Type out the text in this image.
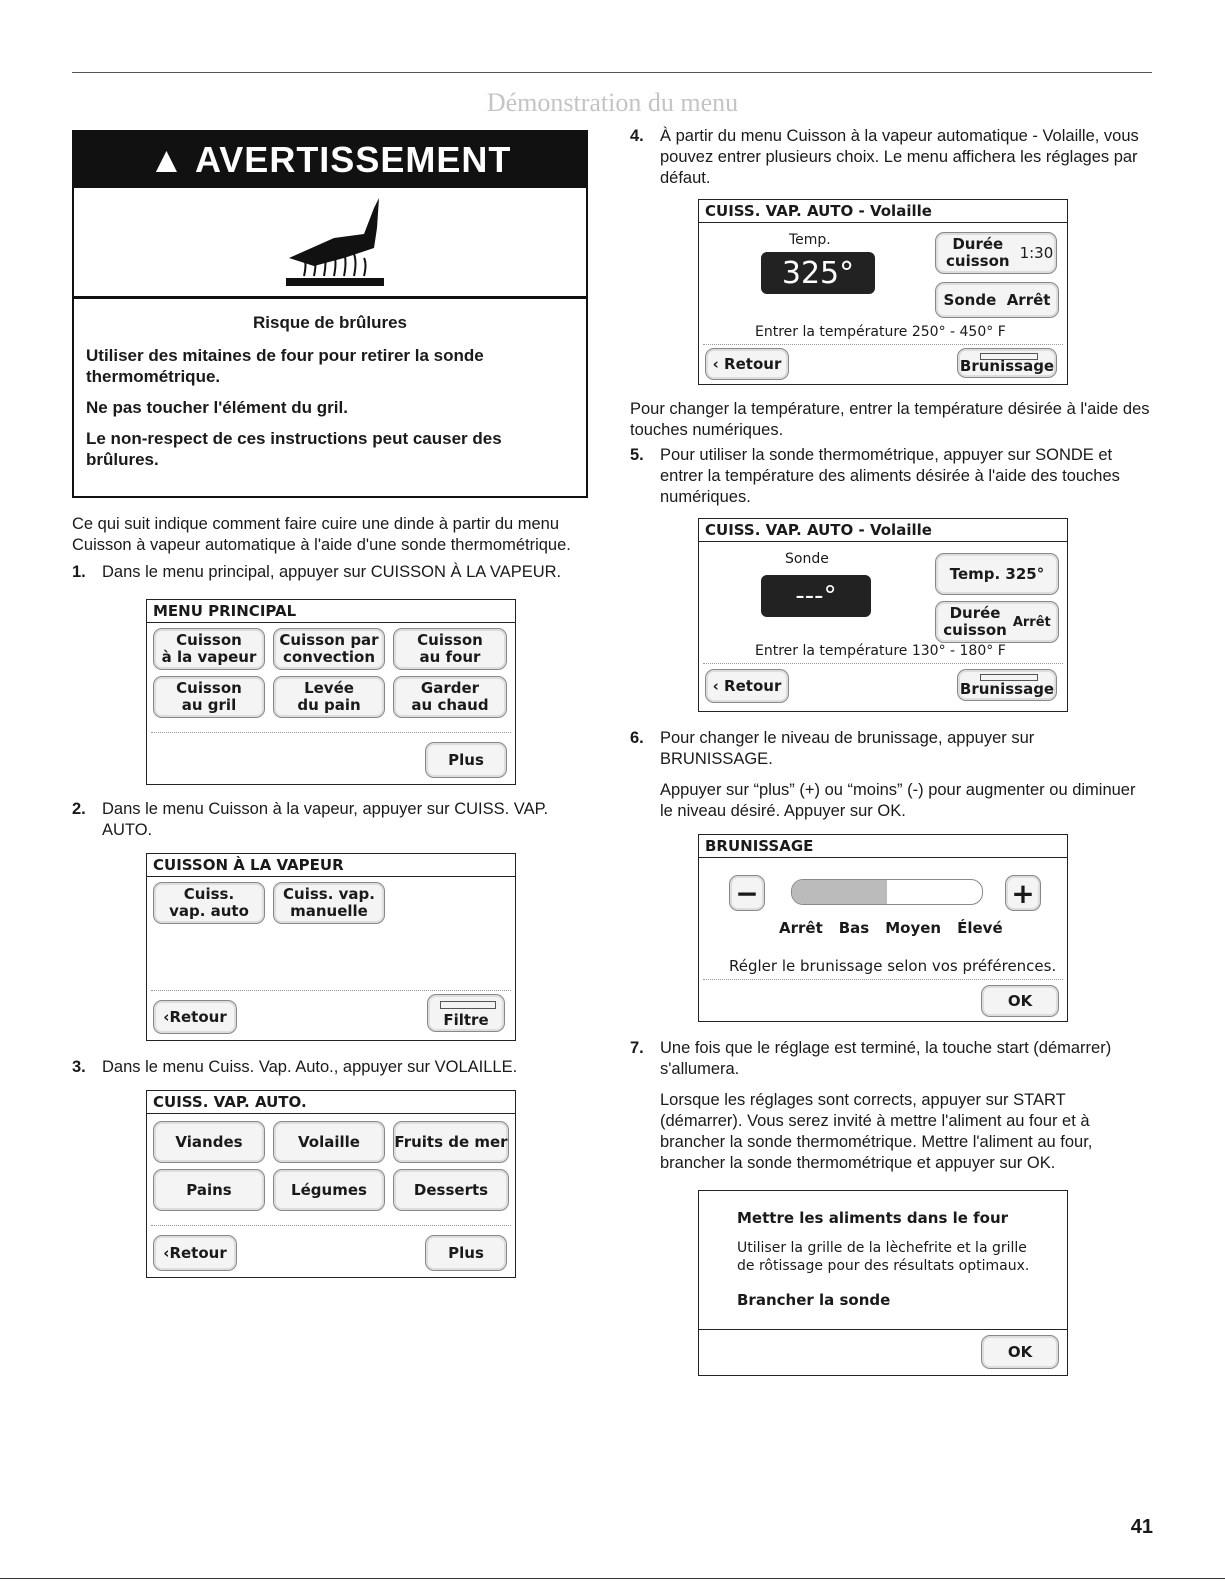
Démonstration du menu
▲ AVERTISSEMENT
Risque de brûlures

Utiliser des mitaines de four pour retirer la sonde thermométrique.

Ne pas toucher l'élément du gril.

Le non-respect de ces instructions peut causer des brûlures.

Ce qui suit indique comment faire cuire une dinde à partir du menu Cuisson à vapeur automatique à l'aide d'une sonde thermométrique.

1. Dans le menu principal, appuyer sur CUISSON À LA VAPEUR.
MENU PRINCIPAL
Cuisson
à la vapeur
Cuisson par
convection
Cuisson
au four
Cuisson
au gril
Levée
du pain
Garder
au chaud
Plus
2. Dans le menu Cuisson à la vapeur, appuyer sur CUISS. VAP. AUTO.
CUISSON À LA VAPEUR
Cuiss.
vap. auto
Cuiss. vap.
manuelle
‹Retour	Filtre
3. Dans le menu Cuiss. Vap. Auto., appuyer sur VOLAILLE.
CUISS. VAP. AUTO.
Viandes	Volaille	Fruits de mer
Pains	Légumes	Desserts
‹Retour	Plus
4. À partir du menu Cuisson à la vapeur automatique - Volaille, vous pouvez entrer plusieurs choix. Le menu affichera les réglages par défaut.
CUISS. VAP. AUTO - Volaille
Temp.
325°
Durée
cuisson 1:30
Sonde
Arrêt
Entrer la température 250° - 450° F
‹ Retour	Brunissage

Pour changer la température, entrer la température désirée à l'aide des touches numériques.

5. Pour utiliser la sonde thermométrique, appuyer sur SONDE et entrer la température des aliments désirée à l'aide des touches numériques.
CUISS. VAP. AUTO - Volaille
Sonde
---°
Temp. 325°
Durée
cuisson Arrêt
Entrer la température 130° - 180° F
‹ Retour	Brunissage
6. Pour changer le niveau de brunissage, appuyer sur BRUNISSAGE.

Appuyer sur “plus” (+) ou “moins” (-) pour augmenter ou diminuer le niveau désiré. Appuyer sur OK.

BRUNISSAGE
−	+
Arrêt Bas Moyen Élevé
Régler le brunissage selon vos préférences.
OK
7. Une fois que le réglage est terminé, la touche start (démarrer) s'allumera.

Lorsque les réglages sont corrects, appuyer sur START (démarrer). Vous serez invité à mettre l'aliment au four et à brancher la sonde thermométrique. Mettre l'aliment au four, brancher la sonde thermométrique et appuyer sur OK.

Mettre les aliments dans le four
Utiliser la grille de la lèchefrite et la grille de rôtissage pour des résultats optimaux.
Brancher la sonde
OK
41
